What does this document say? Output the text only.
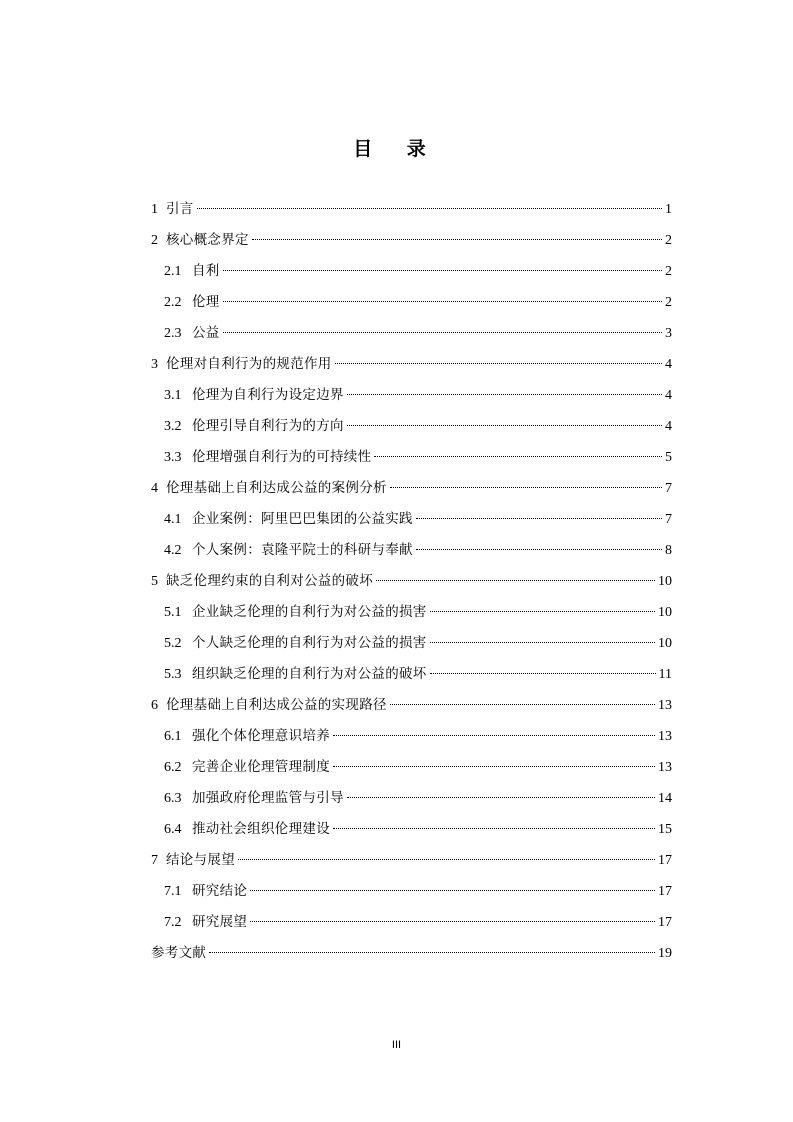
目 录
1 引言	1
2 核心概念界定	2
2.1 自利	2
2.2 伦理	2
2.3 公益	3
3 伦理对自利行为的规范作用	4
3.1 伦理为自利行为设定边界	4
3.2 伦理引导自利行为的方向	4
3.3 伦理增强自利行为的可持续性	5
4 伦理基础上自利达成公益的案例分析	7
4.1 企业案例：阿里巴巴集团的公益实践	7
4.2 个人案例：袁隆平院士的科研与奉献	8
5 缺乏伦理约束的自利对公益的破坏	10
5.1 企业缺乏伦理的自利行为对公益的损害	10
5.2 个人缺乏伦理的自利行为对公益的损害	10
5.3 组织缺乏伦理的自利行为对公益的破坏	11
6 伦理基础上自利达成公益的实现路径	13
6.1 强化个体伦理意识培养	13
6.2 完善企业伦理管理制度	13
6.3 加强政府伦理监管与引导	14
6.4 推动社会组织伦理建设	15
7 结论与展望	17
7.1 研究结论	17
7.2 研究展望	17
参考文献	19
III
